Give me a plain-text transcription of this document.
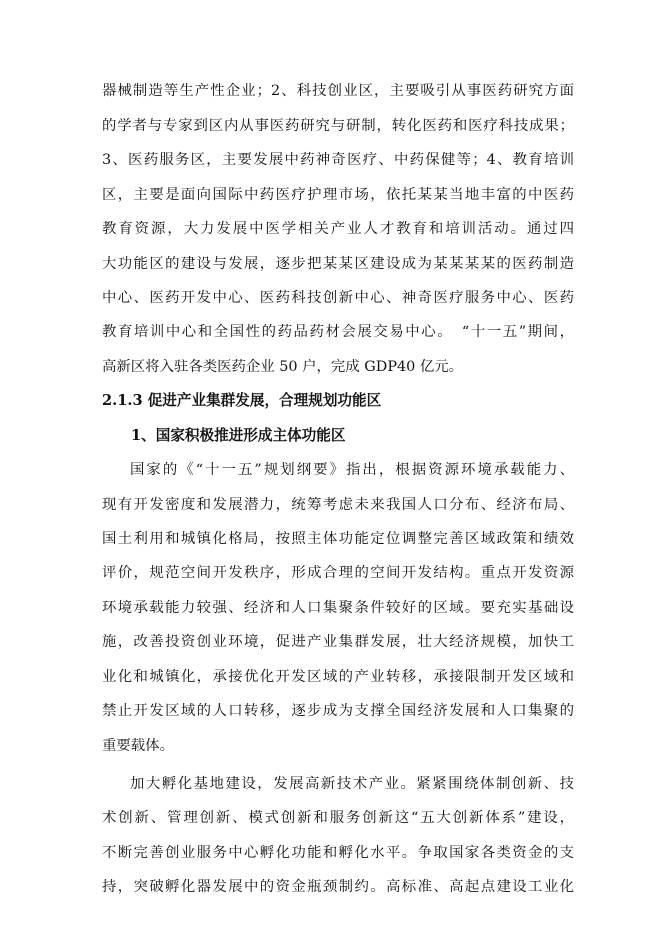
器械制造等生产性企业；2、科技创业区，主要吸引从事医药研究方面
的学者与专家到区内从事医药研究与研制，转化医药和医疗科技成果；
3、医药服务区，主要发展中药神奇医疗、中药保健等；4、教育培训
区，主要是面向国际中药医疗护理市场，依托某某当地丰富的中医药
教育资源，大力发展中医学相关产业人才教育和培训活动。通过四
大功能区的建设与发展，逐步把某某区建设成为某某某某的医药制造
中心、医药开发中心、医药科技创新中心、神奇医疗服务中心、医药
教育培训中心和全国性的药品药材会展交易中心。　“十一五”期间，
高新区将入驻各类医药企业 50 户，完成 GDP40 亿元。
2.1.3 促进产业集群发展，合理规划功能区
1、国家积极推进形成主体功能区
国家的《“十一五”规划纲要》指出，根据资源环境承载能力、
现有开发密度和发展潜力，统筹考虑未来我国人口分布、经济布局、
国土利用和城镇化格局，按照主体功能定位调整完善区域政策和绩效
评价，规范空间开发秩序，形成合理的空间开发结构。重点开发资源
环境承载能力较强、经济和人口集聚条件较好的区域。要充实基础设
施，改善投资创业环境，促进产业集群发展，壮大经济规模，加快工
业化和城镇化，承接优化开发区域的产业转移，承接限制开发区域和
禁止开发区域的人口转移，逐步成为支撑全国经济发展和人口集聚的
重要载体。
加大孵化基地建设，发展高新技术产业。紧紧围绕体制创新、技
术创新、管理创新、模式创新和服务创新这“五大创新体系”建设，
不断完善创业服务中心孵化功能和孵化水平。争取国家各类资金的支
持，突破孵化器发展中的资金瓶颈制约。高标准、高起点建设工业化
